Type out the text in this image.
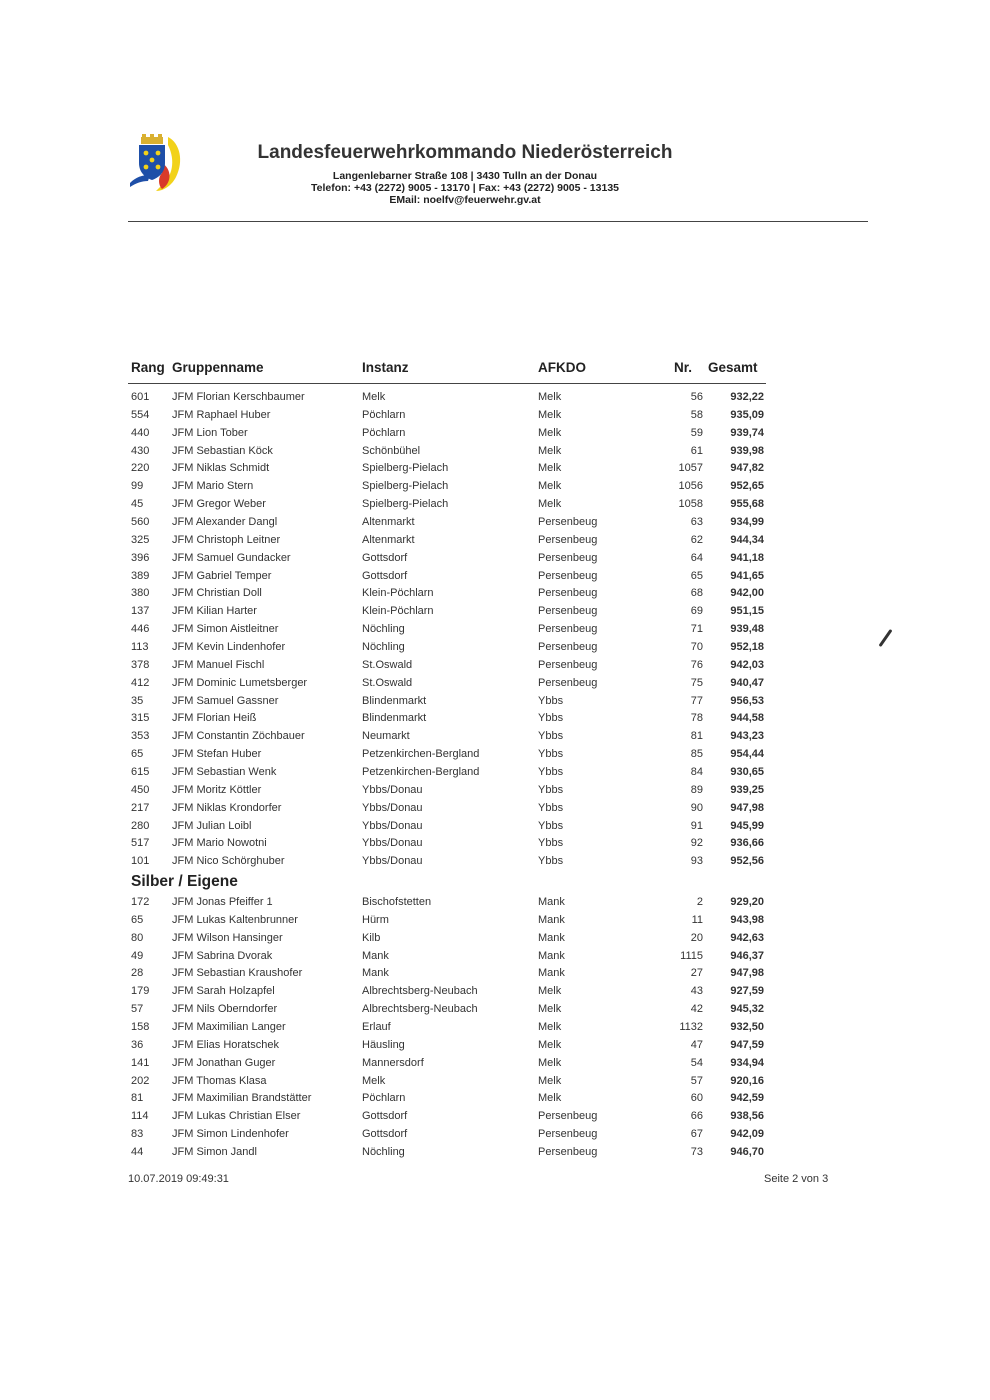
Landesfeuerwehrkommando Niederösterreich
Langenlebarner Straße 108 | 3430 Tulln an der Donau
Telefon: +43 (2272) 9005 - 13170 | Fax: +43 (2272) 9005 - 13135
EMail: noelfv@feuerwehr.gv.at
Rang Gruppenname	Instanz	AFKDO	Nr. Gesamt
601 JFM Florian Kerschbaumer	Melk	Melk	56	932,22
554 JFM Raphael Huber	Pöchlarn	Melk	58	935,09
440 JFM Lion Tober	Pöchlarn	Melk	59	939,74
430 JFM Sebastian Köck	Schönbühel	Melk	61	939,98
220 JFM Niklas Schmidt	Spielberg-Pielach	Melk	1057	947,82
99	JFM Mario Stern	Spielberg-Pielach	Melk	1056	952,65
45	JFM Gregor Weber	Spielberg-Pielach	Melk	1058	955,68
560 JFM Alexander Dangl	Altenmarkt	Persenbeug	63	934,99
325 JFM Christoph Leitner	Altenmarkt	Persenbeug	62	944,34
396 JFM Samuel Gundacker	Gottsdorf	Persenbeug	64	941,18
389 JFM Gabriel Temper	Gottsdorf	Persenbeug	65	941,65
380 JFM Christian Doll	Klein-Pöchlarn	Persenbeug	68	942,00
137 JFM Kilian Harter	Klein-Pöchlarn	Persenbeug	69	951,15
446 JFM Simon Aistleitner	Nöchling	Persenbeug	71	939,48
113 JFM Kevin Lindenhofer	Nöchling	Persenbeug	70	952,18
378 JFM Manuel Fischl	St.Oswald	Persenbeug	76	942,03
412 JFM Dominic Lumetsberger	St.Oswald	Persenbeug	75	940,47
35	JFM Samuel Gassner	Blindenmarkt	Ybbs	77	956,53
315 JFM Florian Heiß	Blindenmarkt	Ybbs	78	944,58
353 JFM Constantin Zöchbauer	Neumarkt	Ybbs	81	943,23
65	JFM Stefan Huber	Petzenkirchen-Bergland	Ybbs	85	954,44
615 JFM Sebastian Wenk	Petzenkirchen-Bergland	Ybbs	84	930,65
450 JFM Moritz Köttler	Ybbs/Donau	Ybbs	89	939,25
217 JFM Niklas Krondorfer	Ybbs/Donau	Ybbs	90	947,98
280 JFM Julian Loibl	Ybbs/Donau	Ybbs	91	945,99
517 JFM Mario Nowotni	Ybbs/Donau	Ybbs	92	936,66
101 JFM Nico Schörghuber	Ybbs/Donau	Ybbs	93	952,56
Silber / Eigene
172 JFM Jonas Pfeiffer 1	Bischofstetten	Mank	2	929,20
65	JFM Lukas Kaltenbrunner	Hürm	Mank	11	943,98
80	JFM Wilson Hansinger	Kilb	Mank	20	942,63
49	JFM Sabrina Dvorak	Mank	Mank	1115	946,37
28	JFM Sebastian Kraushofer	Mank	Mank	27	947,98
179 JFM Sarah Holzapfel	Albrechtsberg-Neubach	Melk	43	927,59
57	JFM Nils Oberndorfer	Albrechtsberg-Neubach	Melk	42	945,32
158 JFM Maximilian Langer	Erlauf	Melk	1132	932,50
36	JFM Elias Horatschek	Häusling	Melk	47	947,59
141 JFM Jonathan Guger	Mannersdorf	Melk	54	934,94
202 JFM Thomas Klasa	Melk	Melk	57	920,16
81	JFM Maximilian Brandstätter	Pöchlarn	Melk	60	942,59
114 JFM Lukas Christian Elser	Gottsdorf	Persenbeug	66	938,56
83	JFM Simon Lindenhofer	Gottsdorf	Persenbeug	67	942,09
44	JFM Simon Jandl	Nöchling	Persenbeug	73	946,70
10.07.2019 09:49:31	Seite 2 von 3
